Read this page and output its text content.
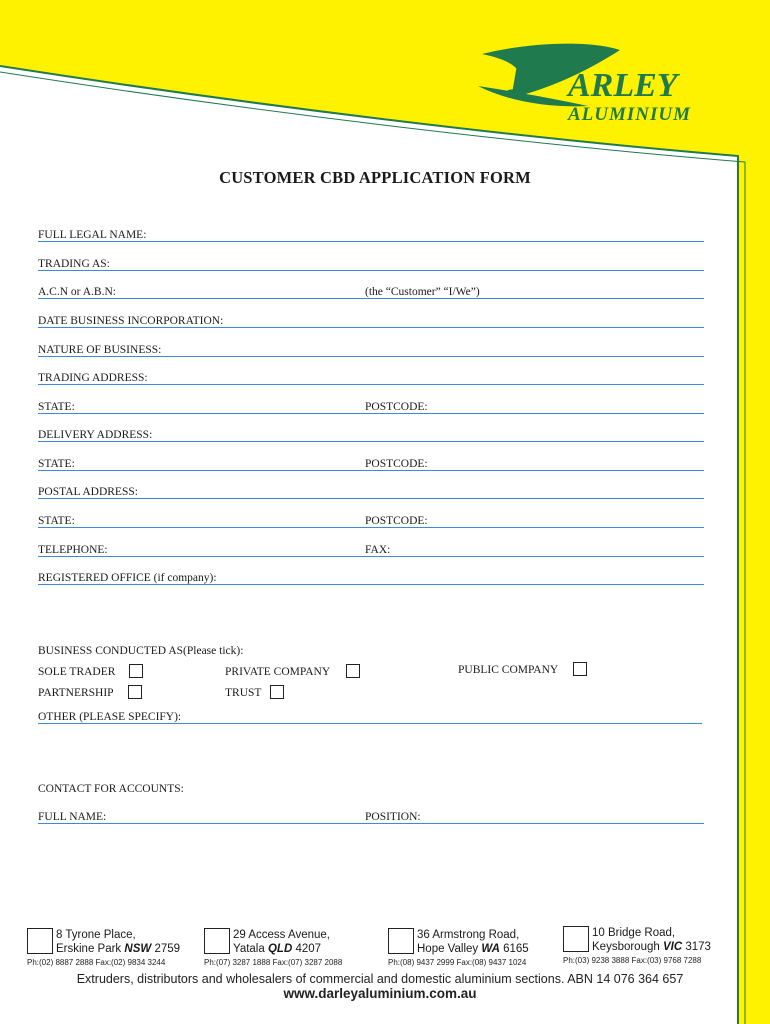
D ARLEY
ALUMINIUM
CUSTOMER CBD APPLICATION FORM
FULL LEGAL NAME:
TRADING AS:
A.C.N or A.B.N:	(the “Customer” “I/We”)
DATE BUSINESS INCORPORATION:
NATURE OF BUSINESS:
TRADING ADDRESS:
STATE:	POSTCODE:
DELIVERY ADDRESS:
STATE:	POSTCODE:
POSTAL ADDRESS:
STATE:	POSTCODE:
TELEPHONE:	FAX:
REGISTERED OFFICE (if company):
BUSINESS CONDUCTED AS(Please tick):
SOLE TRADER	PRIVATE COMPANY	PUBLIC COMPANY
PARTNERSHIP	TRUST
OTHER (PLEASE SPECIFY):
CONTACT FOR ACCOUNTS:
FULL NAME:	POSITION:
8 Tyrone Place,
Erskine Park NSW 2759
Ph:(02) 8887 2888 Fax:(02) 9834 3244
29 Access Avenue,
Yatala QLD 4207
Ph:(07) 3287 1888 Fax:(07) 3287 2088
36 Armstrong Road,
Hope Valley WA 6165
Ph:(08) 9437 2999 Fax:(08) 9437 1024
10 Bridge Road,
Keysborough VIC 3173
Ph:(03) 9238 3888 Fax:(03) 9768 7288
Extruders, distributors and wholesalers of commercial and domestic aluminium sections. ABN 14 076 364 657
www.darleyaluminium.com.au
